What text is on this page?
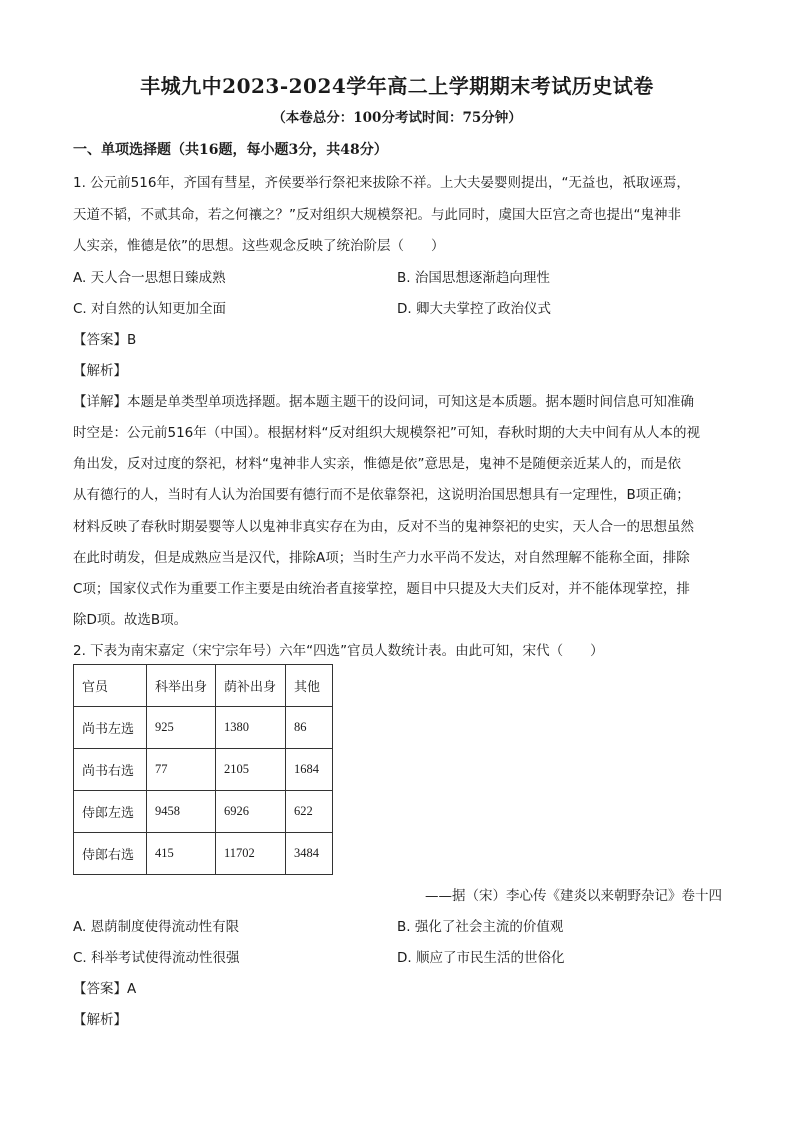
丰城九中2023-2024学年高二上学期期末考试历史试卷
（本卷总分：100分考试时间：75分钟）
一、单项选择题（共16题，每小题3分，共48分）
1. 公元前516年，齐国有彗星，齐侯要举行祭祀来拔除不祥。上大夫晏婴则提出，“无益也，祇取诬焉，
天道不韬，不贰其命，若之何禳之？”反对组织大规模祭祀。与此同时，虞国大臣宫之奇也提出“鬼神非
人实亲，惟德是依”的思想。这些观念反映了统治阶层（　　）
A. 天人合一思想日臻成熟	B. 治国思想逐渐趋向理性
C. 对自然的认知更加全面	D. 卿大夫掌控了政治仪式
【答案】B
【解析】
【详解】本题是单类型单项选择题。据本题主题干的设问词，可知这是本质题。据本题时间信息可知准确
时空是：公元前516年（中国）。根据材料“反对组织大规模祭祀”可知，春秋时期的大夫中间有从人本的视
角出发，反对过度的祭祀，材料“鬼神非人实亲，惟德是依”意思是，鬼神不是随便亲近某人的，而是依
从有德行的人，当时有人认为治国要有德行而不是依靠祭祀，这说明治国思想具有一定理性，B项正确；
材料反映了春秋时期晏婴等人以鬼神非真实存在为由，反对不当的鬼神祭祀的史实，天人合一的思想虽然
在此时萌发，但是成熟应当是汉代，排除A项；当时生产力水平尚不发达，对自然理解不能称全面，排除
C项；国家仪式作为重要工作主要是由统治者直接掌控，题目中只提及大夫们反对，并不能体现掌控，排
除D项。故选B项。
2. 下表为南宋嘉定（宋宁宗年号）六年“四选”官员人数统计表。由此可知，宋代（　　）
官员	科举出身	荫补出身	其他
尚书左选	925	1380	86
尚书右选	77	2105	1684
侍郎左选	9458	6926	622
侍郎右选	415	11702	3484
——据（宋）李心传《建炎以来朝野杂记》卷十四
A. 恩荫制度使得流动性有限	B. 强化了社会主流的价值观
C. 科举考试使得流动性很强	D. 顺应了市民生活的世俗化
【答案】A
【解析】
